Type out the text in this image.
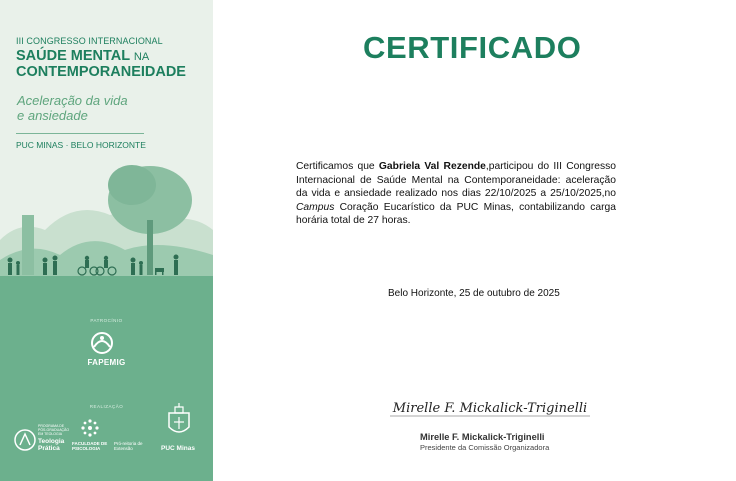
III CONGRESSO INTERNACIONAL
SAÚDE MENTAL NA
CONTEMPORANEIDADE
Aceleração da vida
e ansiedade
PUC MINAS · BELO HORIZONTE
PATROCÍNIO
FAPEMIG
REALIZAÇÃO
PROGRAMA DE
PÓS-GRADUAÇÃO
EM TEOLOGIA
Teologia
Prática
FACULDADE DE
PSICOLOGIA
Pró-reitoria de
Extensão	PUC Minas
CERTIFICADO
Certificamos que Gabriela Val Rezende,participou do III Congresso Internacional de Saúde Mental na Contemporaneidade: aceleração da vida e ansiedade realizado nos dias 22/10/2025 a 25/10/2025,no Campus Coração Eucarístico da PUC Minas, contabilizando carga horária total de 27 horas.
Belo Horizonte, 25 de outubro de 2025
Mirelle F. Mickalick-Triginelli
Mirelle F. Mickalick-Triginelli
Presidente da Comissão Organizadora
